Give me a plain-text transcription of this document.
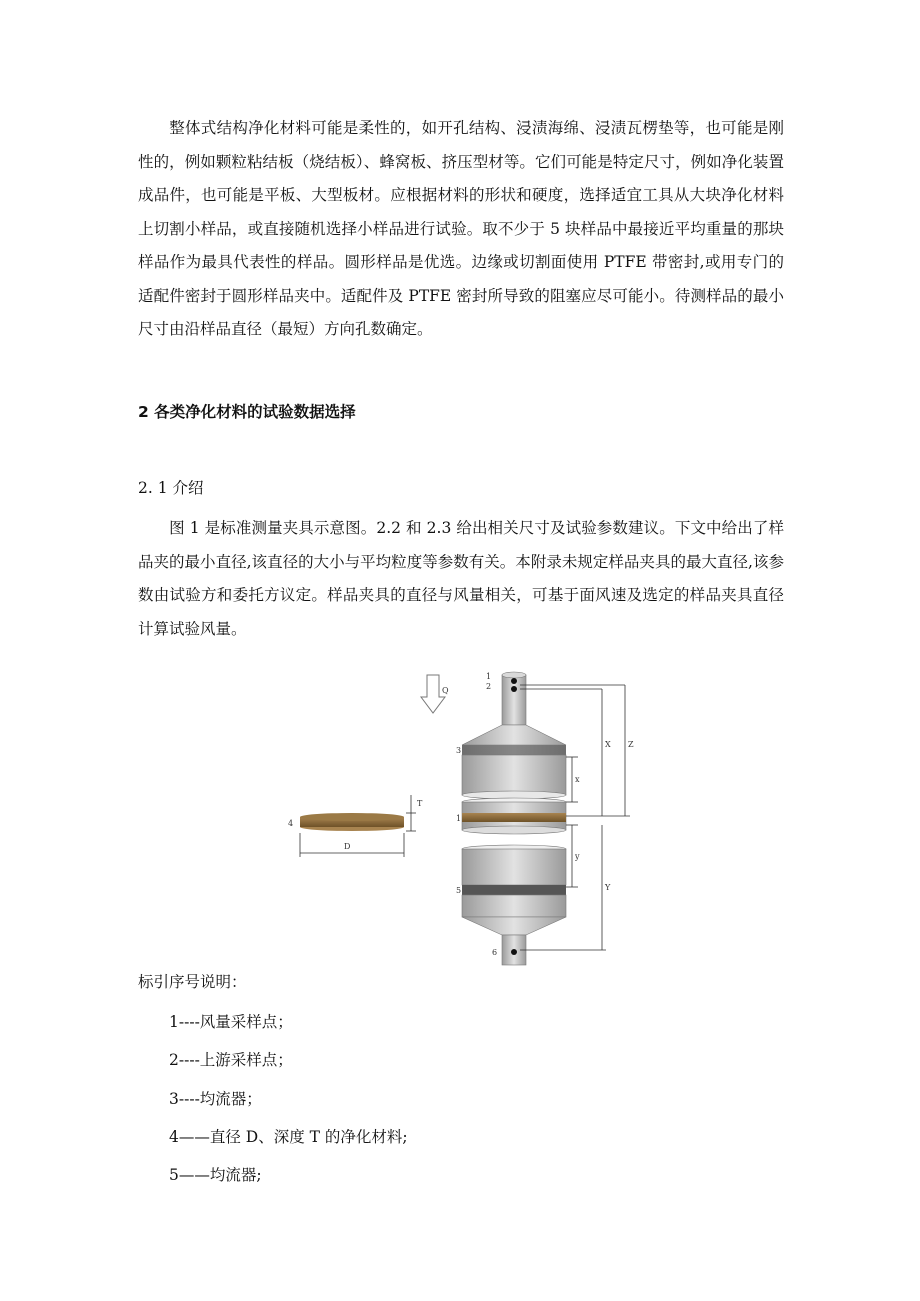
整体式结构净化材料可能是柔性的，如开孔结构、浸渍海绵、浸渍瓦楞垫等，也可能是刚性的，例如颗粒粘结板（烧结板）、蜂窝板、挤压型材等。它们可能是特定尺寸，例如净化装置成品件，也可能是平板、大型板材。应根据材料的形状和硬度，选择适宜工具从大块净化材料上切割小样品，或直接随机选择小样品进行试验。取不少于 5 块样品中最接近平均重量的那块样品作为最具代表性的样品。圆形样品是优选。边缘或切割面使用 PTFE 带密封,或用专门的适配件密封于圆形样品夹中。适配件及 PTFE 密封所导致的阻塞应尽可能小。待测样品的最小尺寸由沿样品直径（最短）方向孔数确定。

2 各类净化材料的试验数据选择

2. 1 介绍

图 1 是标准测量夹具示意图。2.2 和 2.3 给出相关尺寸及试验参数建议。下文中给出了样品夹的最小直径,该直径的大小与平均粒度等参数有关。本附录未规定样品夹具的最大直径,该参数由试验方和委托方议定。样品夹具的直径与风量相关，可基于面风速及选定的样品夹具直径计算试验风量。

Q
4
T
D
1
2
3
1
5
6
X Z
x
y
Y

标引序号说明：

1----风量采样点；

2----上游采样点；

3----均流器；

4——直径 D、深度 T 的净化材料;

5——均流器;
